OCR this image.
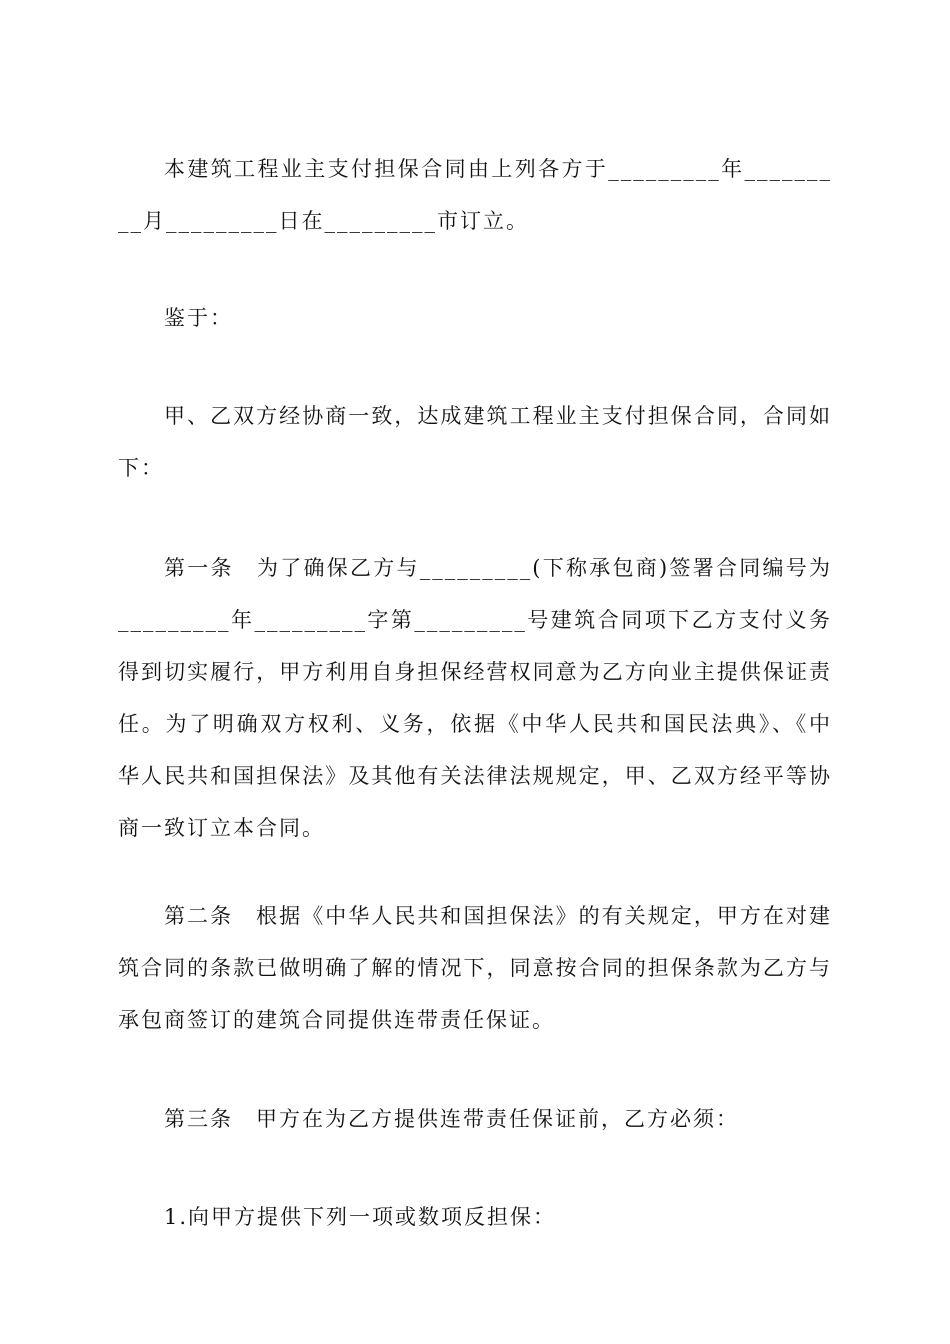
本建筑工程业主支付担保合同由上列各方于_________年_________月_________日在_________市订立。

鉴于：

甲、乙双方经协商一致，达成建筑工程业主支付担保合同，合同如下：

第一条　为了确保乙方与_________(下称承包商)签署合同编号为_________年_________字第_________号建筑合同项下乙方支付义务得到切实履行，甲方利用自身担保经营权同意为乙方向业主提供保证责任。为了明确双方权利、义务，依据《中华人民共和国民法典》、《中华人民共和国担保法》及其他有关法律法规规定，甲、乙双方经平等协商一致订立本合同。

第二条　根据《中华人民共和国担保法》的有关规定，甲方在对建筑合同的条款已做明确了解的情况下，同意按合同的担保条款为乙方与承包商签订的建筑合同提供连带责任保证。

第三条　甲方在为乙方提供连带责任保证前，乙方必须：

1.向甲方提供下列一项或数项反担保：
